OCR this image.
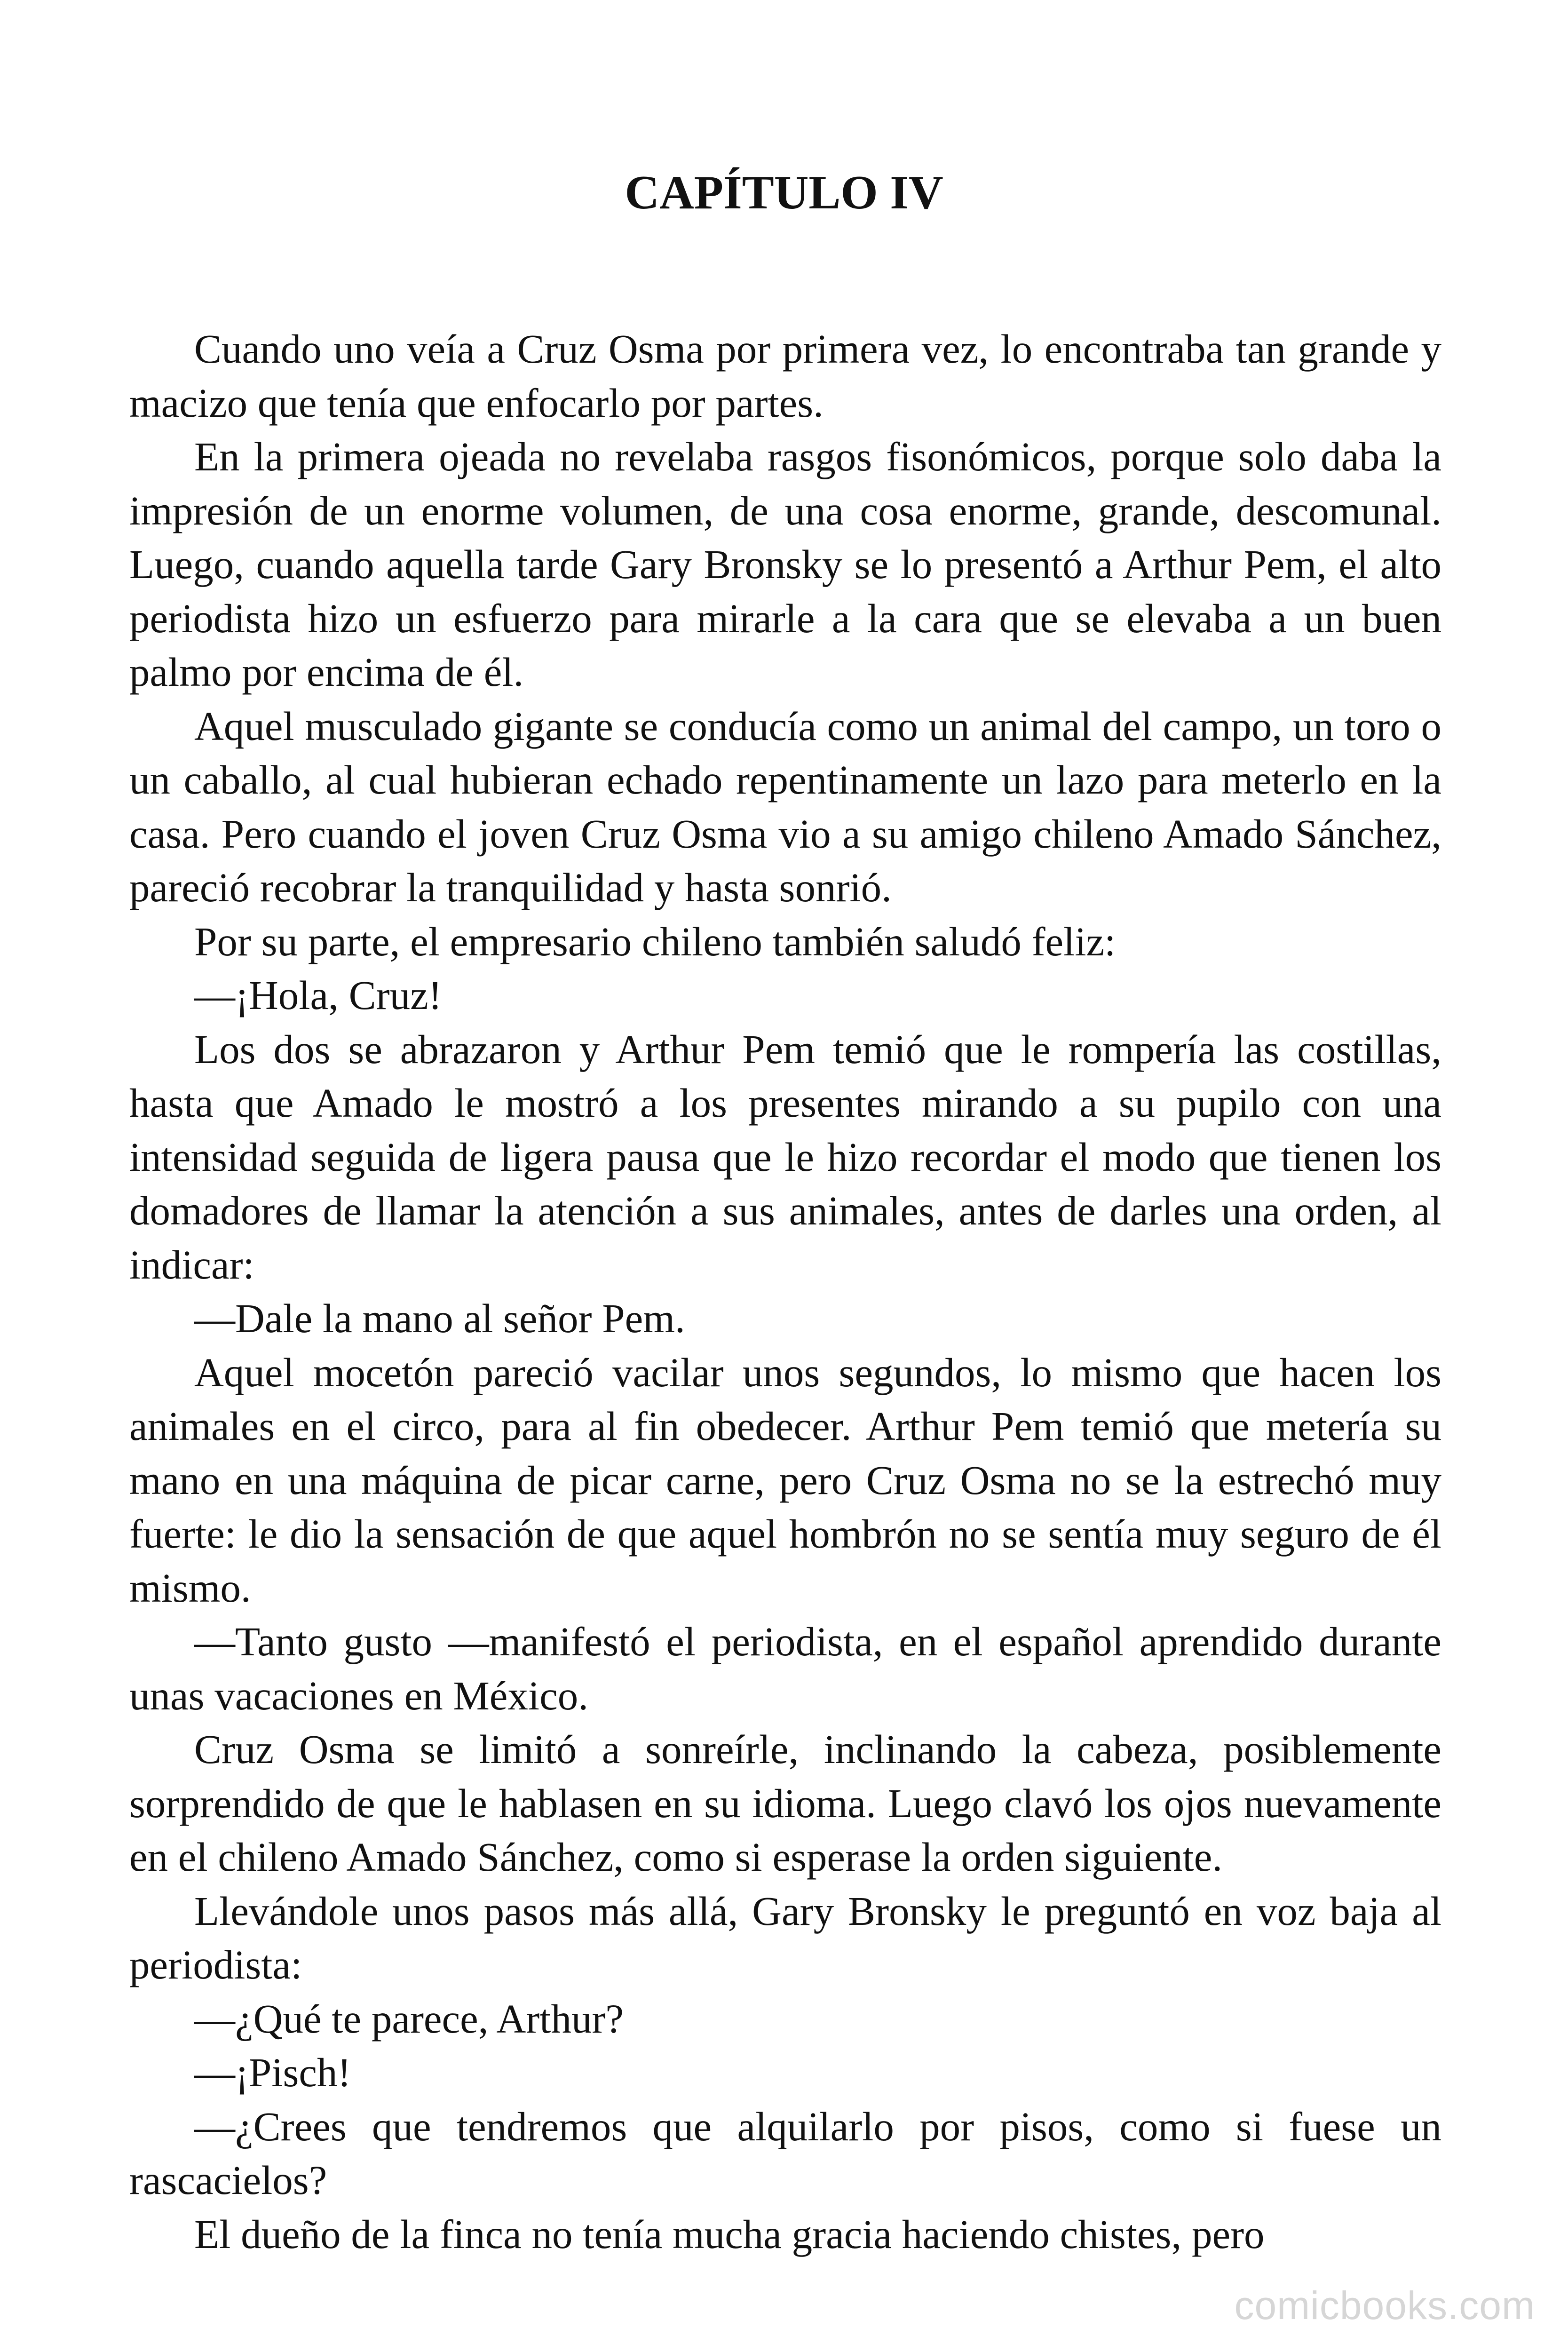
CAPÍTULO IV

Cuando uno veía a Cruz Osma por primera vez, lo encontraba tan grande y macizo que tenía que enfocarlo por partes.

En la primera ojeada no revelaba rasgos fisonómicos, porque solo daba la impresión de un enorme volumen, de una cosa enorme, grande, descomunal. Luego, cuando aquella tarde Gary Bronsky se lo presentó a Arthur Pem, el alto periodista hizo un esfuerzo para mirarle a la cara que se elevaba a un buen palmo por encima de él.

Aquel musculado gigante se conducía como un animal del campo, un toro o un caballo, al cual hubieran echado repentinamente un lazo para meterlo en la casa. Pero cuando el joven Cruz Osma vio a su amigo chileno Amado Sánchez, pareció recobrar la tranquilidad y hasta sonrió.

Por su parte, el empresario chileno también saludó feliz:

—¡Hola, Cruz!

Los dos se abrazaron y Arthur Pem temió que le rompería las costillas, hasta que Amado le mostró a los presentes mirando a su pupilo con una intensidad seguida de ligera pausa que le hizo recordar el modo que tienen los domadores de llamar la atención a sus animales, antes de darles una orden, al indicar:

—Dale la mano al señor Pem.

Aquel mocetón pareció vacilar unos segundos, lo mismo que hacen los animales en el circo, para al fin obedecer. Arthur Pem temió que metería su mano en una máquina de picar carne, pero Cruz Osma no se la estrechó muy fuerte: le dio la sensación de que aquel hombrón no se sentía muy seguro de él mismo.

—Tanto gusto —manifestó el periodista, en el español aprendido durante unas vacaciones en México.

Cruz Osma se limitó a sonreírle, inclinando la cabeza, posiblemente sorprendido de que le hablasen en su idioma. Luego clavó los ojos nuevamente en el chileno Amado Sánchez, como si esperase la orden siguiente.

Llevándole unos pasos más allá, Gary Bronsky le preguntó en voz baja al periodista:

—¿Qué te parece, Arthur?

—¡Pisch!

—¿Crees que tendremos que alquilarlo por pisos, como si fuese un rascacielos?

El dueño de la finca no tenía mucha gracia haciendo chistes, pero

comicbooks.com
